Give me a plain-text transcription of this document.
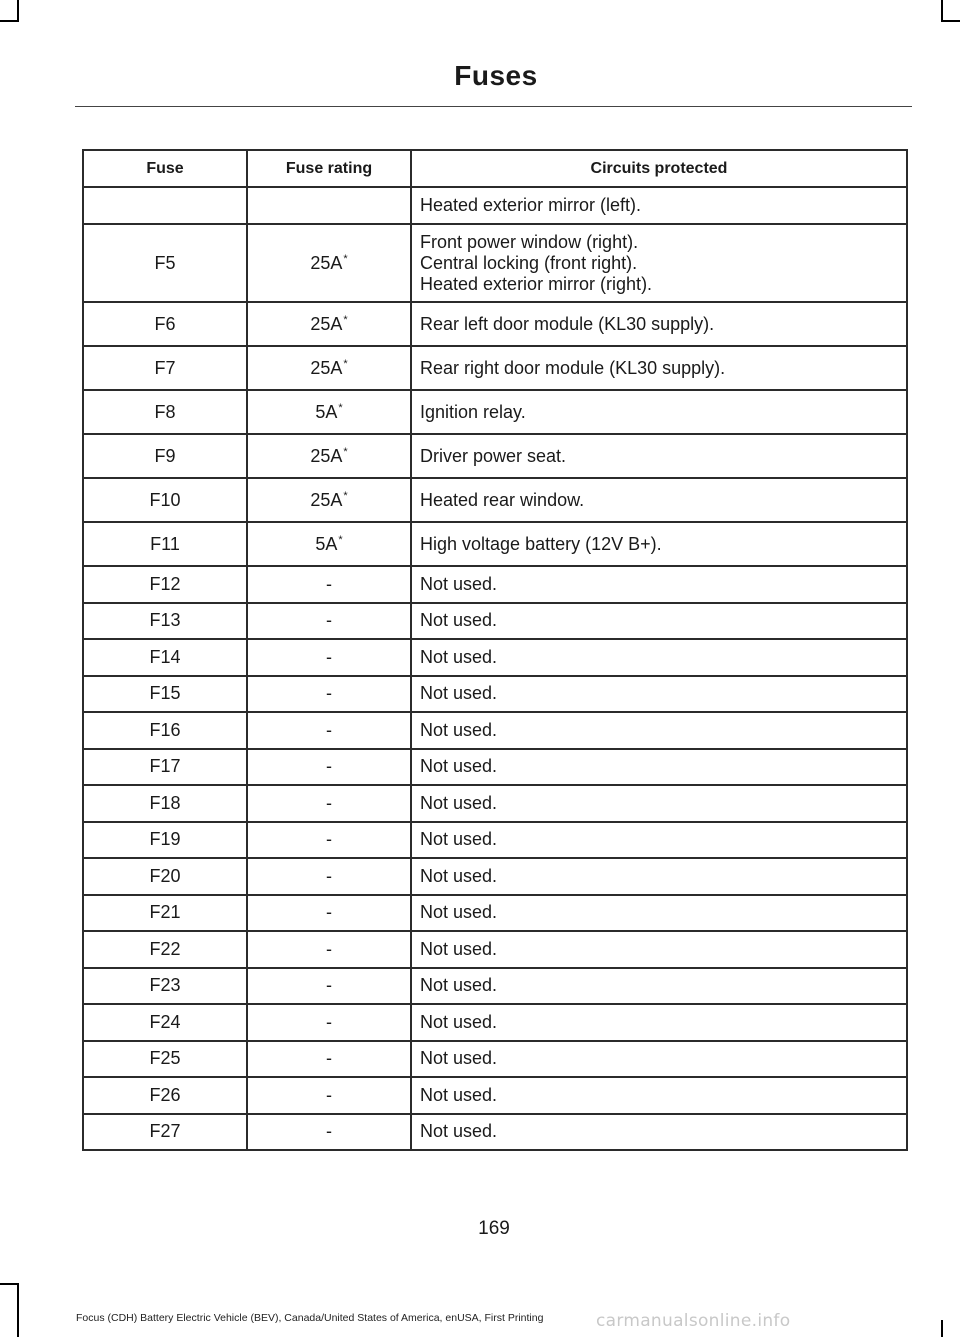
Fuses
Fuse	Fuse rating	Circuits protected

		Heated exterior mirror (left).

F5	25A*	Front power window (right).
Central locking (front right).
Heated exterior mirror (right).

F6	25A*	Rear left door module (KL30 supply).

F7	25A*	Rear right door module (KL30 supply).

F8	5A*	Ignition relay.

F9	25A*	Driver power seat.

F10	25A*	Heated rear window.

F11	5A*	High voltage battery (12V B+).

F12	-	Not used.

F13	-	Not used.

F14	-	Not used.

F15	-	Not used.

F16	-	Not used.

F17	-	Not used.

F18	-	Not used.

F19	-	Not used.

F20	-	Not used.

F21	-	Not used.

F22	-	Not used.

F23	-	Not used.

F24	-	Not used.

F25	-	Not used.

F26	-	Not used.

F27	-	Not used.
169
Focus (CDH) Battery Electric Vehicle (BEV), Canada/United States of America, enUSA, First Printing	carmanualsonline.info
